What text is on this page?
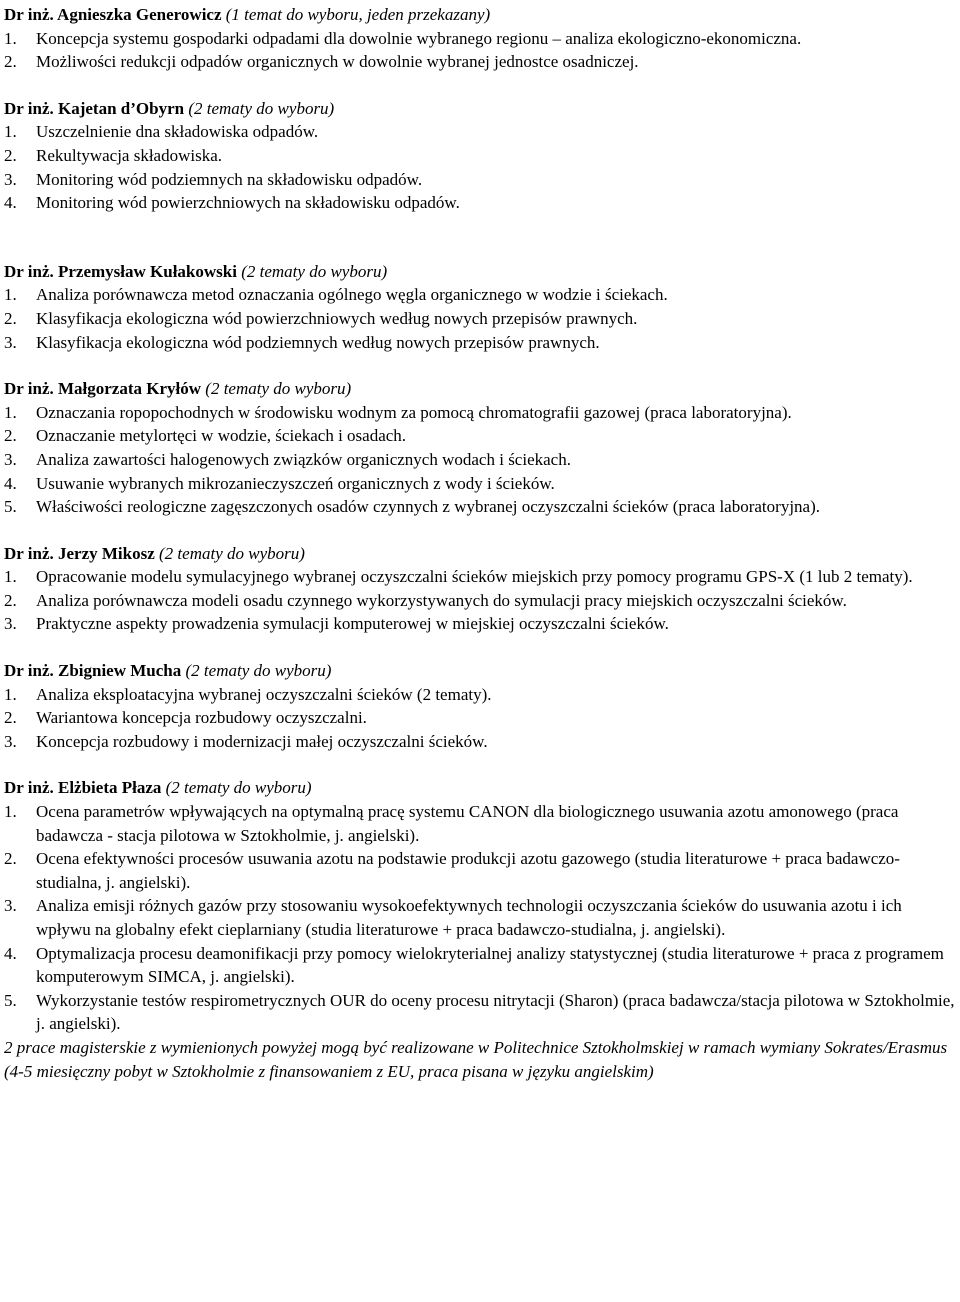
Dr inż. Agnieszka Generowicz (1 temat do wyboru, jeden przekazany)

1. Koncepcja systemu gospodarki odpadami dla dowolnie wybranego regionu – analiza ekologiczno-ekonomiczna.
2. Możliwości redukcji odpadów organicznych w dowolnie wybranej jednostce osadniczej.

Dr inż. Kajetan d’Obyrn (2 tematy do wyboru)

1. Uszczelnienie dna składowiska odpadów.
2. Rekultywacja składowiska.
3. Monitoring wód podziemnych na składowisku odpadów.
4. Monitoring wód powierzchniowych na składowisku odpadów.

Dr inż. Przemysław Kułakowski (2 tematy do wyboru)

1. Analiza porównawcza metod oznaczania ogólnego węgla organicznego w wodzie i ściekach.
2. Klasyfikacja ekologiczna wód powierzchniowych według nowych przepisów prawnych.
3. Klasyfikacja ekologiczna wód podziemnych według nowych przepisów prawnych.

Dr inż. Małgorzata Kryłów (2 tematy do wyboru)

1. Oznaczania ropopochodnych w środowisku wodnym za pomocą chromatografii gazowej (praca laboratoryjna).
2. Oznaczanie metylortęci w wodzie, ściekach i osadach.
3. Analiza zawartości halogenowych związków organicznych wodach i ściekach.
4. Usuwanie wybranych mikrozanieczyszczeń organicznych z wody i ścieków.
5. Właściwości reologiczne zagęszczonych osadów czynnych z wybranej oczyszczalni ścieków (praca laboratoryjna).

Dr inż. Jerzy Mikosz (2 tematy do wyboru)

1. Opracowanie modelu symulacyjnego wybranej oczyszczalni ścieków miejskich przy pomocy programu GPS-X (1 lub 2 tematy).
2. Analiza porównawcza modeli osadu czynnego wykorzystywanych do symulacji pracy miejskich oczyszczalni ścieków.
3. Praktyczne aspekty prowadzenia symulacji komputerowej w miejskiej oczyszczalni ścieków.

Dr inż. Zbigniew Mucha (2 tematy do wyboru)

1. Analiza eksploatacyjna wybranej oczyszczalni ścieków (2 tematy).
2. Wariantowa koncepcja rozbudowy oczyszczalni.
3. Koncepcja rozbudowy i modernizacji małej oczyszczalni ścieków.

Dr inż. Elżbieta Płaza (2 tematy do wyboru)

1. Ocena parametrów wpływających na optymalną pracę systemu CANON dla biologicznego usuwania azotu amonowego (praca badawcza - stacja pilotowa w Sztokholmie, j. angielski).
2. Ocena efektywności procesów usuwania azotu na podstawie produkcji azotu gazowego (studia literaturowe + praca badawczo-studialna, j. angielski).
3. Analiza emisji różnych gazów przy stosowaniu wysokoefektywnych technologii oczyszczania ścieków do usuwania azotu i ich wpływu na globalny efekt cieplarniany (studia literaturowe + praca badawczo-studialna, j. angielski).
4. Optymalizacja procesu deamonifikacji przy pomocy wielokryterialnej analizy statystycznej (studia literaturowe + praca z programem komputerowym SIMCA, j. angielski).
5. Wykorzystanie testów respirometrycznych OUR do oceny procesu nitrytacji (Sharon) (praca badawcza/stacja pilotowa w Sztokholmie, j. angielski).

2 prace magisterskie z wymienionych powyżej mogą być realizowane w Politechnice Sztokholmskiej w ramach wymiany Sokrates/Erasmus (4-5 miesięczny pobyt w Sztokholmie z finansowaniem z EU, praca pisana w języku angielskim)
